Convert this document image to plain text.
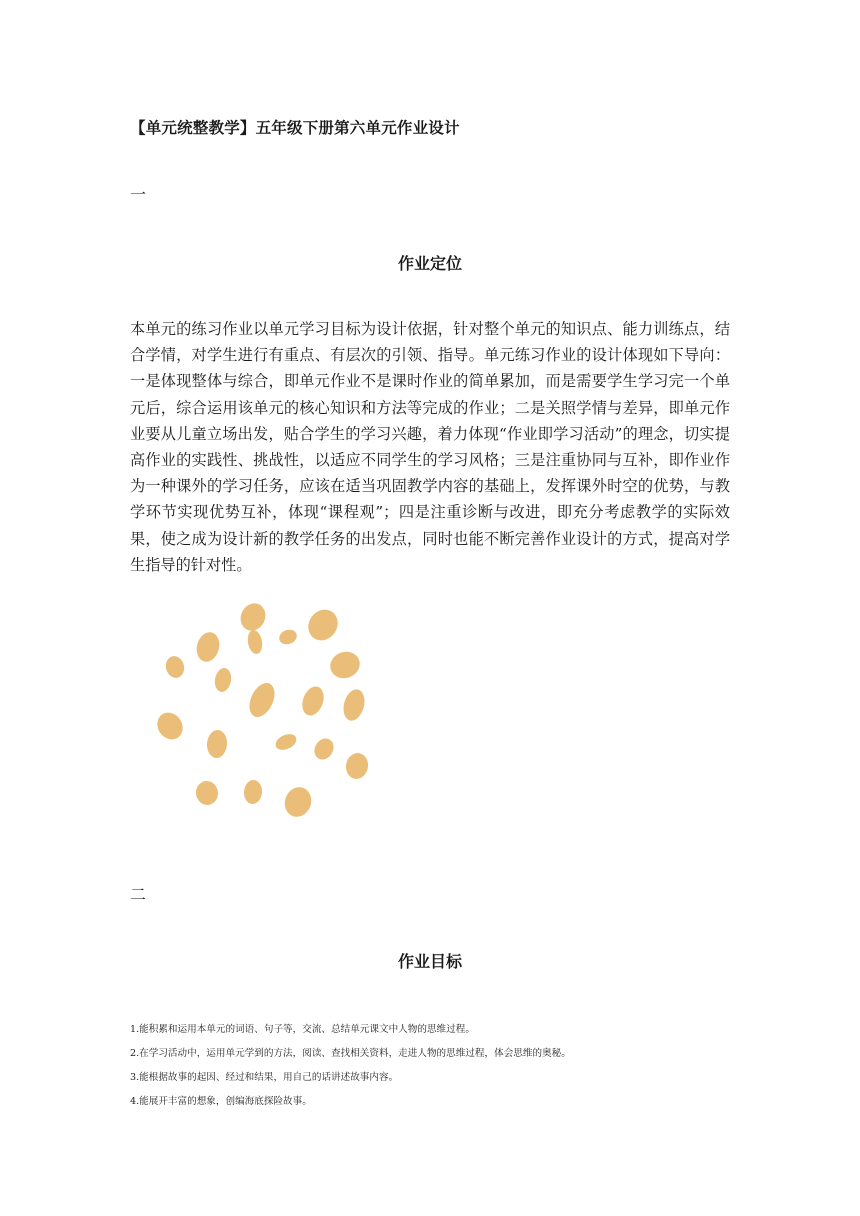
【单元统整教学】五年级下册第六单元作业设计
一
作业定位
本单元的练习作业以单元学习目标为设计依据，针对整个单元的知识点、能力训练点，结合学情，对学生进行有重点、有层次的引领、指导。单元练习作业的设计体现如下导向：一是体现整体与综合，即单元作业不是课时作业的简单累加，而是需要学生学习完一个单元后，综合运用该单元的核心知识和方法等完成的作业；二是关照学情与差异，即单元作业要从儿童立场出发，贴合学生的学习兴趣，着力体现“作业即学习活动”的理念，切实提高作业的实践性、挑战性，以适应不同学生的学习风格；三是注重协同与互补，即作业作为一种课外的学习任务，应该在适当巩固教学内容的基础上，发挥课外时空的优势，与教学环节实现优势互补，体现“课程观”；四是注重诊断与改进，即充分考虑教学的实际效果，使之成为设计新的教学任务的出发点，同时也能不断完善作业设计的方式，提高对学生指导的针对性。
二
作业目标
1.能积累和运用本单元的词语、句子等，交流、总结单元课文中人物的思维过程。
2.在学习活动中，运用单元学到的方法，阅读、查找相关资料，走进人物的思维过程，体会思维的奥秘。
3.能根据故事的起因、经过和结果，用自己的话讲述故事内容。
4.能展开丰富的想象，创编海底探险故事。
